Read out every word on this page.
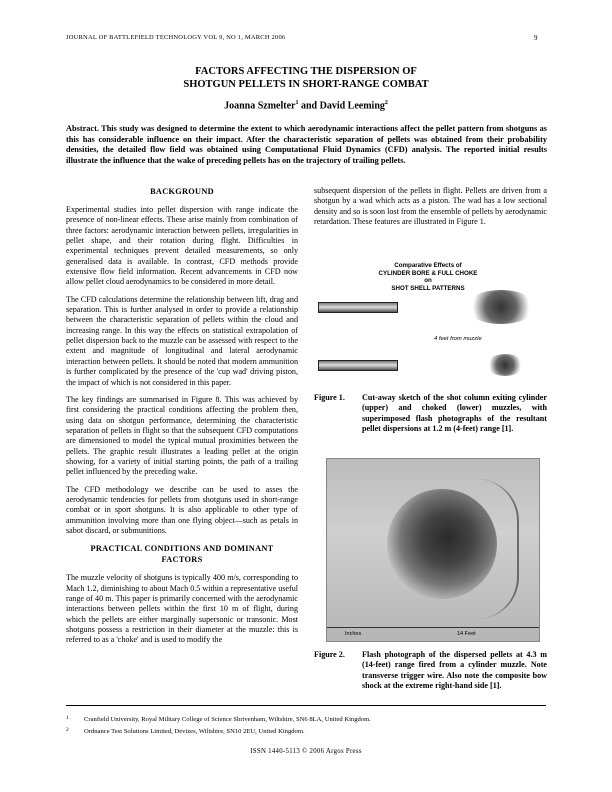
JOURNAL OF BATTLEFIELD TECHNOLOGY VOL 9, NO 1, MARCH 2006	9
FACTORS AFFECTING THE DISPERSION OF
SHOTGUN PELLETS IN SHORT-RANGE COMBAT
Joanna Szmelter$^1$ and David Leeming$^2$
Abstract. This study was designed to determine the extent to which aerodynamic interactions affect the pellet pattern from shotguns as this has considerable influence on their impact. After the characteristic separation of pellets was obtained from their probability densities, the detailed flow field was obtained using Computational Fluid Dynamics (CFD) analysis. The reported initial results illustrate the influence that the wake of preceding pellets has on the trajectory of trailing pellets.
BACKGROUND

Experimental studies into pellet dispersion with range indicate the presence of non-linear effects. These arise mainly from combination of three factors: aerodynamic interaction between pellets, irregularities in pellet shape, and their rotation during flight. Difficulties in experimental techniques prevent detailed measurements, so only generalised data is available. In contrast, CFD methods provide extensive flow field information. Recent advancements in CFD now allow pellet cloud aerodynamics to be considered in more detail.

The CFD calculations determine the relationship between lift, drag and separation. This is further analysed in order to provide a relationship between the characteristic separation of pellets within the cloud and increasing range. In this way the effects on statistical extrapolation of pellet dispersion back to the muzzle can be assessed with respect to the extent and magnitude of longitudinal and lateral aerodynamic interaction between pellets. It should be noted that modern ammunition is further complicated by the presence of the 'cup wad' driving piston, the impact of which is not considered in this paper.

The key findings are summarised in Figure 8. This was achieved by first considering the practical conditions affecting the problem then, using data on shotgun performance, determining the characteristic separation of pellets in flight so that the subsequent CFD computations are dimensioned to model the typical mutual proximities between the pellets. The graphic result illustrates a leading pellet at the origin showing, for a variety of initial starting points, the path of a trailing pellet influenced by the preceding wake.

The CFD methodology we describe can be used to asses the aerodynamic tendencies for pellets from shotguns used in short-range combat or in sport shotguns. It is also applicable to other type of ammunition involving more than one flying object—such as petals in sabot discard, or submunitions.

PRACTICAL CONDITIONS AND DOMINANT
FACTORS

The muzzle velocity of shotguns is typically 400 m/s, corresponding to Mach 1.2, diminishing to about Mach 0.5 within a representative useful range of 40 m. This paper is primarily concerned with the aerodynamic interactions between pellets within the first 10 m of flight, during which the pellets are either marginally supersonic or transonic. Most shotguns possess a restriction in their diameter at the muzzle: this is referred to as a 'choke' and is used to modify the

subsequent dispersion of the pellets in flight. Pellets are driven from a shotgun by a wad which acts as a piston. The wad has a low sectional density and so is soon lost from the ensemble of pellets by aerodynamic retardation. These features are illustrated in Figure 1.

Comparative Effects of
CYLINDER BORE & FULL CHOKE
on
SHOT SHELL PATTERNS
4 feet from muzzle
Figure 1. Cut-away sketch of the shot column exiting cylinder (upper) and choked (lower) muzzles, with superimposed flash photographs of the resultant pellet dispersions at 1.2 m (4-feet) range [1].
Inches	14 Feet
Figure 2. Flash photograph of the dispersed pellets at 4.3 m (14-feet) range fired from a cylinder muzzle. Note transverse trigger wire. Also note the composite bow shock at the extreme right-hand side [1].
1 Cranfield University, Royal Military College of Science Shrivenham, Wiltshire, SN6 8LA, United Kingdom.
2 Ordnance Test Solutions Limited, Devizes, Wiltshire, SN10 2EU, United Kingdom.
ISSN 1440-5113 © 2006 Argos Press
